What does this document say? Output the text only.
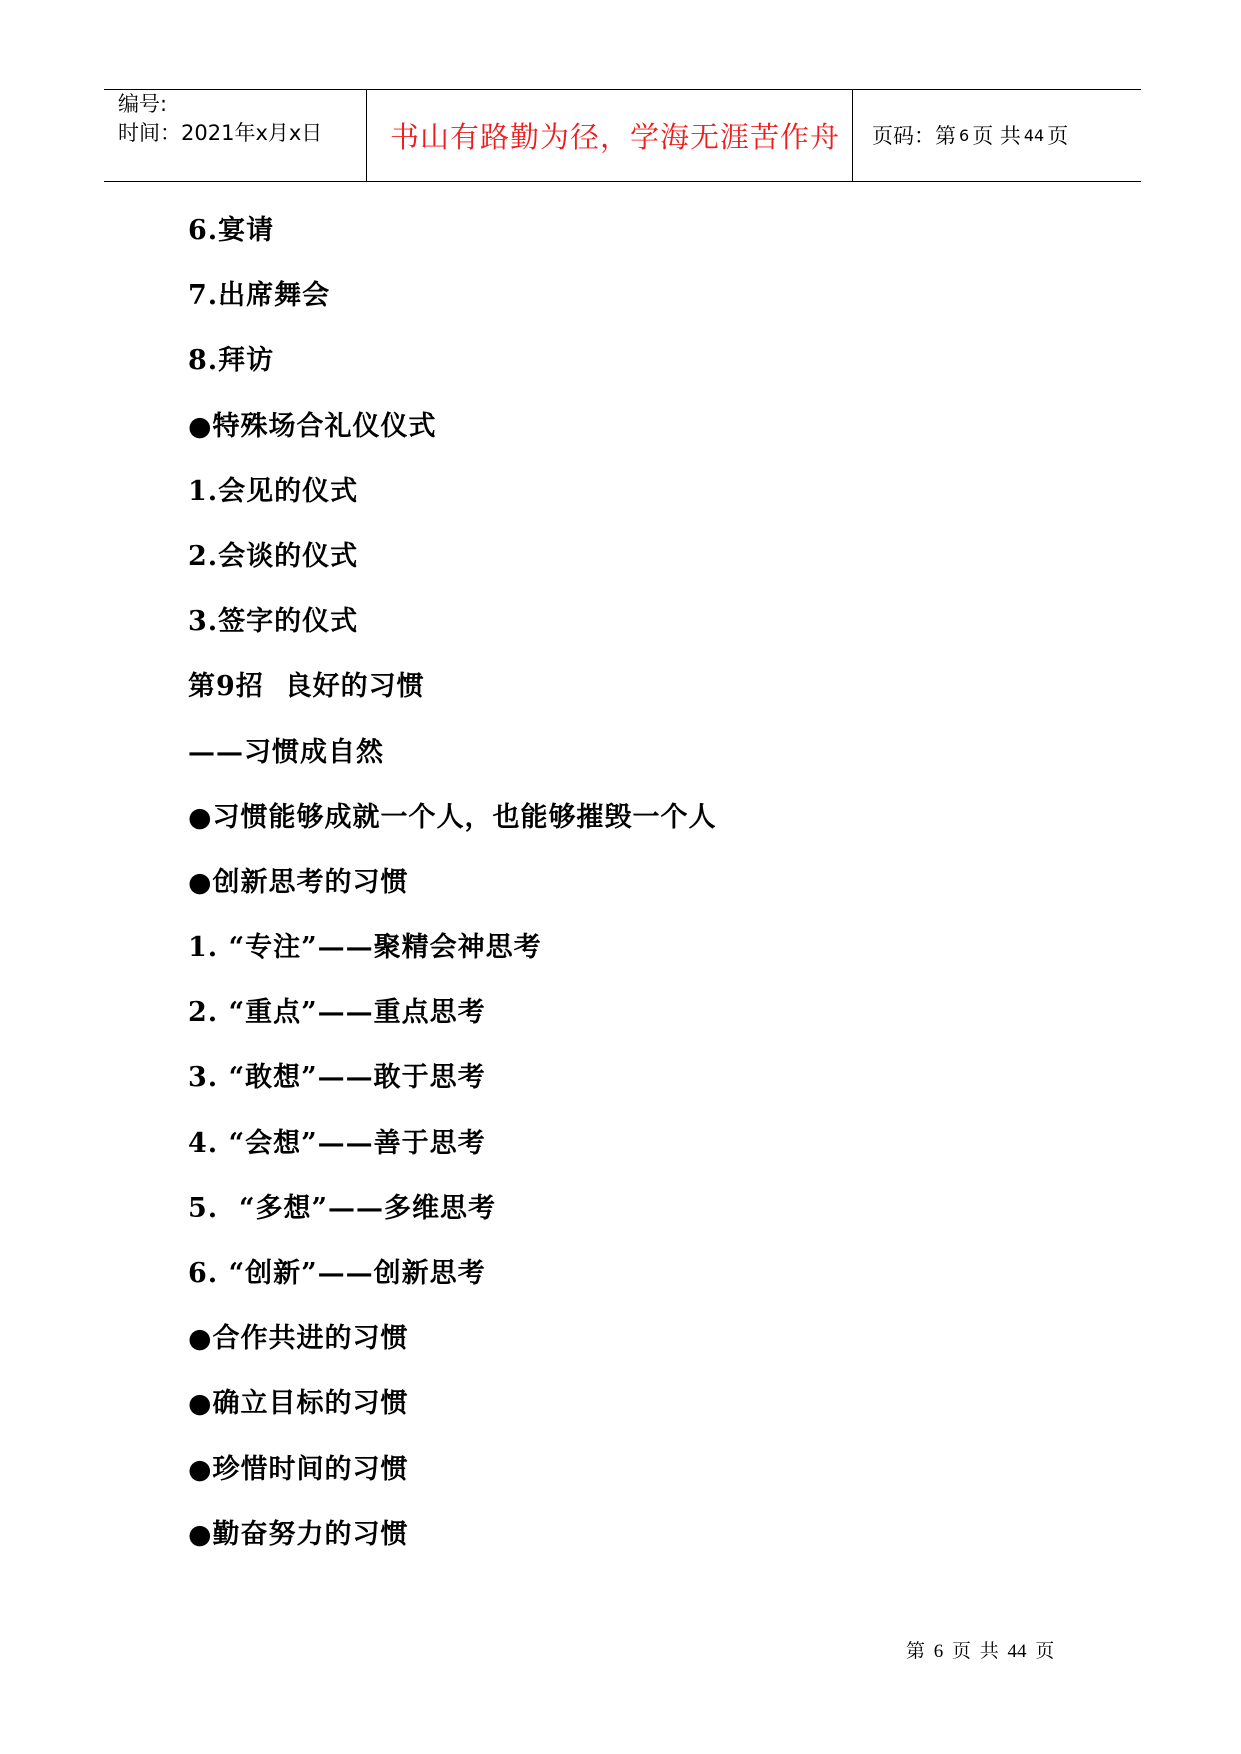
编号:
时间：2021年x月x日	书山有路勤为径，学海无涯苦作舟	页码：第 6 页 共 44 页
6.宴请
7.出席舞会
8.拜访
●特殊场合礼仪仪式
1.会见的仪式
2.会谈的仪式
3.签字的仪式
第9招  良好的习惯
——习惯成自然
●习惯能够成就一个人，也能够摧毁一个人
●创新思考的习惯
1. “专注”——聚精会神思考
2. “重点”——重点思考
3. “敢想”——敢于思考
4. “会想”——善于思考
5.  “多想”——多维思考
6. “创新”——创新思考
●合作共进的习惯
●确立目标的习惯
●珍惜时间的习惯
●勤奋努力的习惯
第 6 页 共 44 页
